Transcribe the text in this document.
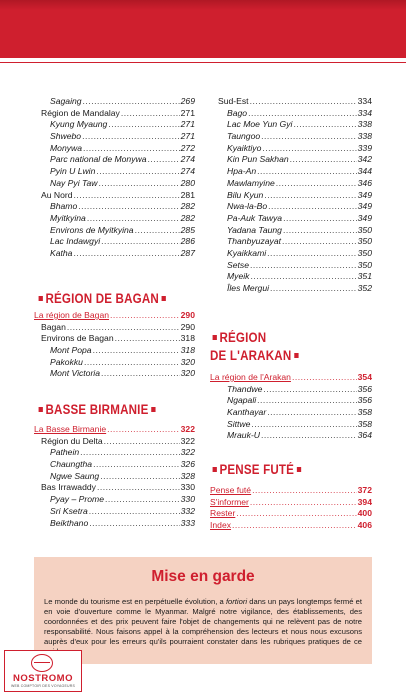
Sagaing .....	269
Région de Mandalay .....	271
Kyung Myaung .....	271
Shwebo .....	271
Monywa .....	272
Parc national de Monywa .....	274
Pyin U Lwin .....	274
Nay Pyi Taw .....	280
Au Nord .....	281
Bhamo .....	282
Myitkyina .....	282
Environs de Myitkyina .....	285
Lac Indawgyi .....	286
Katha .....	287
RÉGION DE BAGAN
La région de Bagan .....	290
Bagan .....	290
Environs de Bagan .....	318
Mont Popa .....	318
Pakokku .....	320
Mont Victoria .....	320
BASSE BIRMANIE
La Basse Birmanie .....	322
Région du Delta .....	322
Pathein .....	322
Chaungtha .....	326
Ngwe Saung .....	328
Bas Irrawaddy .....	330
Pyay – Prome .....	330
Sri Ksetra .....	332
Beikthano .....	333
Sud-Est .....	334
Bago .....	334
Lac Moe Yun Gyi .....	338
Taungoo .....	338
Kyaiktiyo .....	339
Kin Pun Sakhan .....	342
Hpa-An .....	344
Mawlamyine .....	346
Bilu Kyun .....	349
Nwa-la-Bo .....	349
Pa-Auk Tawya .....	349
Yadana Taung .....	350
Thanbyuzayat .....	350
Kyaikkami .....	350
Setse .....	350
Myeik .....	351
Îles Mergui .....	352
RÉGION
DE L'ARAKAN
La région de l'Arakan .....	354
Thandwe .....	356
Ngapali .....	356
Kanthayar .....	358
Sittwe .....	358
Mrauk-U .....	364
PENSE FUTÉ
Pense futé .....	372
S'informer .....	394
Rester .....	400
Index .....	406
Mise en garde
Le monde du tourisme est en perpétuelle évolution, a fortiori dans un pays longtemps fermé et en voie d'ouverture comme le Myanmar. Malgré notre vigilance, des établissements, des coordonnées et des prix peuvent faire l'objet de changements qui ne relèvent pas de notre responsabilité. Nous faisons appel à la compréhension des lecteurs et nous nous excusons auprès d'eux pour les erreurs qu'ils pourraient constater dans les rubriques pratiques de ce
NOSTROMO
WEB COMPTOIR DES VOYAGEURS
